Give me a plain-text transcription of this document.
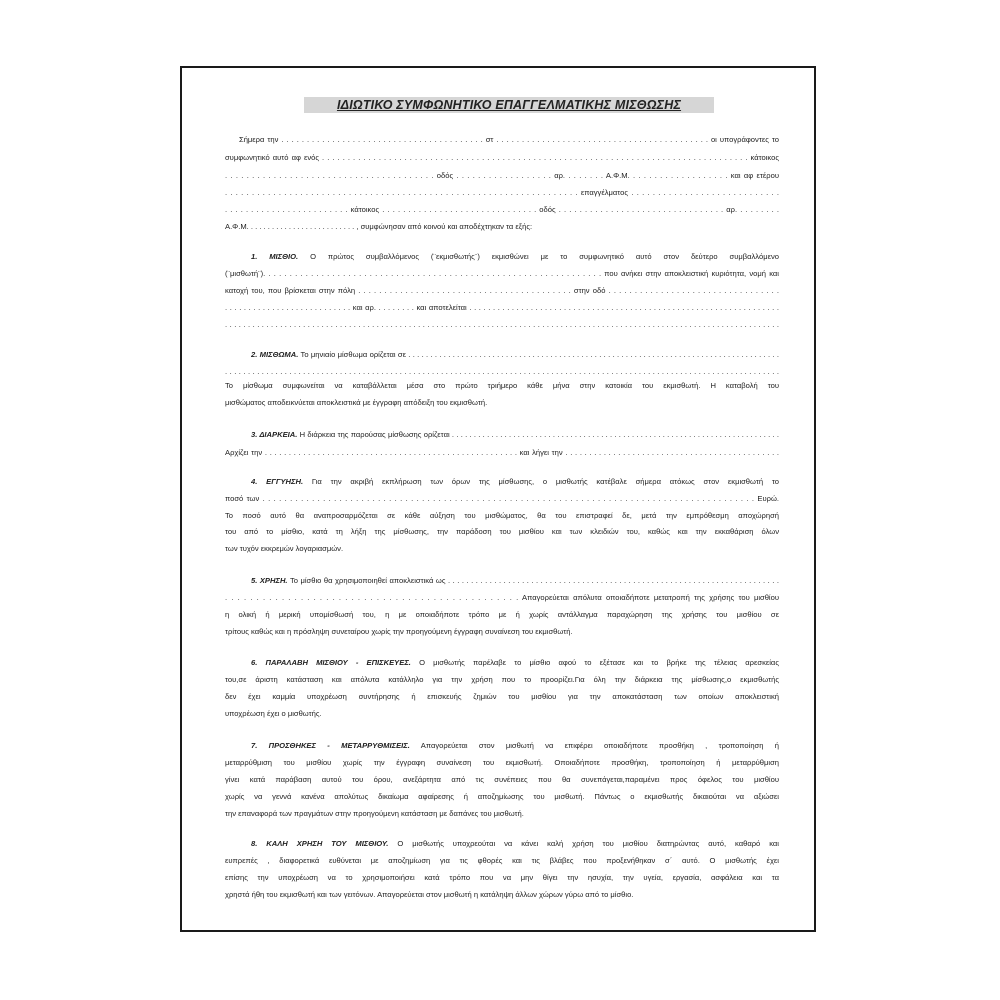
ΙΔΙΩΤΙΚΟ ΣΥΜΦΩΝΗΤΙΚΟ ΕΠΑΓΓΕΛΜΑΤΙΚΗΣ ΜΙΣΘΩΣΗΣ
Σήμερα την . . . . . . . . . . . . . . . . . . . . . . . . . . . . . . . . . . . . . . . . στ . . . . . . . . . . . . . . . . . . . . . . . . . . . . . . . . . . . . . . . . . . οι υπογράφοντες το
συμφωνητικό αυτό αφ ενός . . . . . . . . . . . . . . . . . . . . . . . . . . . . . . . . . . . . . . . . . . . . . . . . . . . . . . . . . . . . . . . . . . . . . . . . . . . . . . . . . . . κάτοικος
. . . . . . . . . . . . . . . . . . . . . . . . . . . . . . . . . . . . . . . οδός . . . . . . . . . . . . . . . . . . αρ. . . . . . . . Α.Φ.Μ. . . . . . . . . . . . . . . . . . . και αφ ετέρου
. . . . . . . . . . . . . . . . . . . . . . . . . . . . . . . . . . . . . . . . . . . . . . . . . . . . . . . . . . . . . . . . . . επαγγέλματος . . . . . . . . . . . . . . . . . . . . . . . . . . . .
. . . . . . . . . . . . . . . . . . . . . . . . κάτοικος . . . . . . . . . . . . . . . . . . . . . . . . . . . . . . οδός . . . . . . . . . . . . . . . . . . . . . . . . . . . . . . . . αρ. . . . . . . . .
Α.Φ.Μ. . . . . . . . . . . . . . . . . . . . . . . . . . , συμφώνησαν από κοινού και αποδέχτηκαν τα εξής:
1. ΜΙΣΘΙΟ. Ο πρώτος συμβαλλόμενος (¨εκμισθωτής¨) εκμισθώνει με το συμφωνητικό αυτό στον δεύτερο συμβαλλόμενο
(¨μισθωτή¨). . . . . . . . . . . . . . . . . . . . . . . . . . . . . . . . . . . . . . . . . . . . . . . . . . . . . . . . . . . . . . . . που ανήκει στην αποκλειστική κυριότητα, νομή και
κατοχή του, που βρίσκεται στην πόλη . . . . . . . . . . . . . . . . . . . . . . . . . . . . . . . . . . . . . . . . . στην οδό . . . . . . . . . . . . . . . . . . . . . . . . . . . . . . . . .
. . . . . . . . . . . . . . . . . . . . . . . . . . . και αρ. . . . . . . . . και αποτελείται . . . . . . . . . . . . . . . . . . . . . . . . . . . . . . . . . . . . . . . . . . . . . . . . . . . . . . . . . . . . . . . . . .
. . . . . . . . . . . . . . . . . . . . . . . . . . . . . . . . . . . . . . . . . . . . . . . . . . . . . . . . . . . . . . . . . . . . . . . . . . . . . . . . . . . . . . . . . . . . . . . . . . . . . . . . . . . . . . . . . . . . . . . . .
2. ΜΙΣΘΩΜΑ. Το μηνιαίο μίσθωμα ορίζεται σε . . . . . . . . . . . . . . . . . . . . . . . . . . . . . . . . . . . . . . . . . . . . . . . . . . . . . . . . . . . . . . . . . . . . . . . . . . . . . . . . . . . .
. . . . . . . . . . . . . . . . . . . . . . . . . . . . . . . . . . . . . . . . . . . . . . . . . . . . . . . . . . . . . . . . . . . . . . . . . . . . . . . . . . . . . . . . . . . . . . . . . . . . . . . . . . . . . . . . . . . . . . . . .
Το μίσθωμα συμφωνείται να καταβάλλεται μέσα στο πρώτο τριήμερο κάθε μήνα στην κατοικία του εκμισθωτή. Η καταβολή του
μισθώματος αποδεικνύεται αποκλειστικά με έγγραφη απόδειξη του εκμισθωτή.
3. ΔΙΑΡΚΕΙΑ. Η διάρκεια της παρούσας μίσθωσης ορίζεται . . . . . . . . . . . . . . . . . . . . . . . . . . . . . . . . . . . . . . . . . . . . . . . . . . . . . . . . . . . . . . . . . . . . . . . . . . .
Αρχίζει την . . . . . . . . . . . . . . . . . . . . . . . . . . . . . . . . . . . . . . . . . . . . . . . . . . . . . και λήγει την . . . . . . . . . . . . . . . . . . . . . . . . . . . . . . . . . . . . . . . . . . . . .
4. ΕΓΓΥΗΣΗ. Για την ακριβή εκπλήρωση των όρων της μίσθωσης, ο μισθωτής κατέβαλε σήμερα ατόκως στον εκμισθωτή το
ποσό των . . . . . . . . . . . . . . . . . . . . . . . . . . . . . . . . . . . . . . . . . . . . . . . . . . . . . . . . . . . . . . . . . . . . . . . . . . . . . . . . . . . . . . . . . . Ευρώ.
Το ποσό αυτό θα αναπροσαρμόζεται σε κάθε αύξηση του μισθώματος, θα του επιστραφεί δε, μετά την εμπρόθεσμη αποχώρησή
του από το μίσθιο, κατά τη λήξη της μίσθωσης, την παράδοση του μισθίου και των κλειδιών του, καθώς και την εκκαθάριση όλων
των τυχόν εκκρεμών λογαριασμών.
5. ΧΡΗΣΗ. Το μίσθιο θα χρησιμοποιηθεί αποκλειστικά ως . . . . . . . . . . . . . . . . . . . . . . . . . . . . . . . . . . . . . . . . . . . . . . . . . . . . . . . . . . . . . . . . . . . . . . . .
. . . . . . . . . . . . . . . . . . . . . . . . . . . . . . . . . . . . . . . . . . . . . . . Απαγορεύεται απόλυτα οποιαδήποτε μετατροπή της χρήσης του μισθίου
η ολική ή μερική υπομίσθωσή του, η με οποιαδήποτε τρόπο με ή χωρίς αντάλλαγμα παραχώρηση της χρήσης του μισθίου σε
τρίτους καθώς και η πρόσληψη συνεταίρου χωρίς την προηγούμενη έγγραφη συναίνεση του εκμισθωτή.
6. ΠΑΡΑΛΑΒΗ ΜΙΣΘΙΟΥ - ΕΠΙΣΚΕΥΕΣ. Ο μισθωτής παρέλαβε το μίσθιο αφού το εξέτασε και το βρήκε της τέλειας αρεσκείας
του,σε άριστη κατάσταση και απόλυτα κατάλληλο για την χρήση που το προορίζει.Για όλη την διάρκεια της μίσθωσης,ο εκμισθωτής
δεν έχει καμμία υποχρέωση συντήρησης ή επισκευής ζημιών του μισθίου για την αποκατάσταση των οποίων αποκλειστική
υποχρέωση έχει ο μισθωτής.
7. ΠΡΟΣΘΗΚΕΣ - ΜΕΤΑΡΡΥΘΜΙΣΕΙΣ. Απαγορεύεται στον μισθωτή να επιφέρει οποιαδήποτε προσθήκη , τροποποίηση ή
μεταρρύθμιση του μισθίου χωρίς την έγγραφη συναίνεση του εκμισθωτή. Οποιαδήποτε προσθήκη, τροποποίηση ή μεταρρύθμιση
γίνει κατά παράβαση αυτού του όρου, ανεξάρτητα από τις συνέπειες που θα συνεπάγεται,παραμένει προς όφελος του μισθίου
χωρίς να γεννά κανένα απολύτως δικαίωμα αφαίρεσης ή αποζημίωσης του μισθωτή. Πάντως ο εκμισθωτής δικαιούται να αξιώσει
την επαναφορά των πραγμάτων στην προηγούμενη κατάσταση με δαπάνες του μισθωτή.
8. ΚΑΛΗ ΧΡΗΣΗ ΤΟΥ ΜΙΣΘΙΟΥ. Ο μισθωτής υποχρεούται να κάνει καλή χρήση του μισθίου διατηρώντας αυτό, καθαρό και
ευπρεπές , διαφορετικά ευθύνεται με αποζημίωση για τις φθορές και τις βλάβες που προξενήθηκαν σ΄ αυτό. Ο μισθωτής έχει
επίσης την υποχρέωση να το χρησιμοποιήσει κατά τρόπο που να μην θίγει την ησυχία, την υγεία, εργασία, ασφάλεια και τα
χρηστά ήθη του εκμισθωτή και των γειτόνων. Απαγορεύεται στον μισθωτή η κατάληψη άλλων χώρων γύρω από το μίσθιο.
